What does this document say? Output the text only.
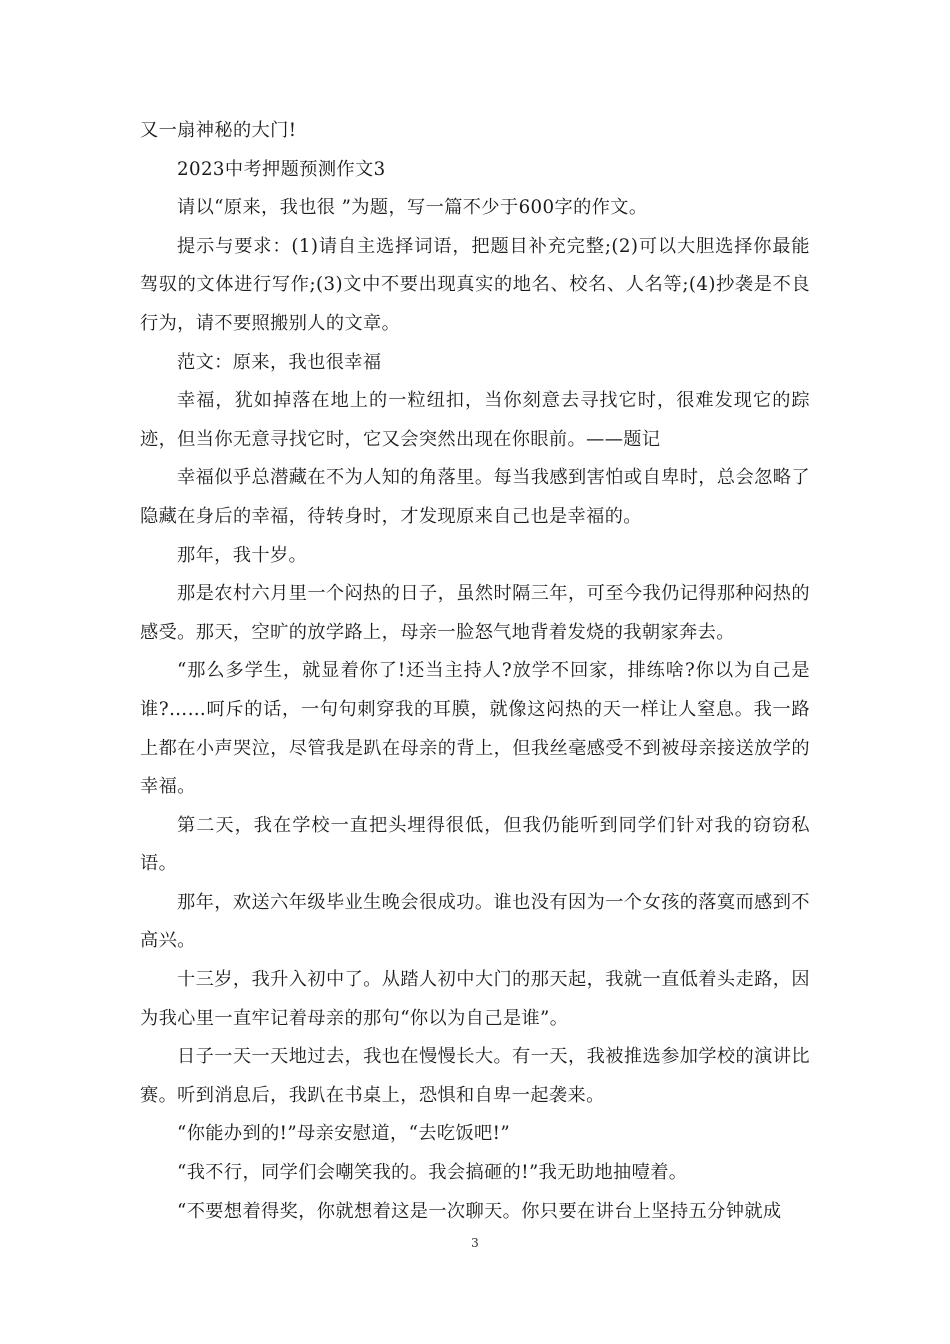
又一扇神秘的大门!

2023中考押题预测作文3

请以“原来，我也很 ”为题，写一篇不少于600字的作文。

提示与要求：(1)请自主选择词语，把题目补充完整;(2)可以大胆选择你最能驾驭的文体进行写作;(3)文中不要出现真实的地名、校名、人名等;(4)抄袭是不良行为，请不要照搬别人的文章。

范文：原来，我也很幸福

幸福，犹如掉落在地上的一粒纽扣，当你刻意去寻找它时，很难发现它的踪迹，但当你无意寻找它时，它又会突然出现在你眼前。——题记

幸福似乎总潜藏在不为人知的角落里。每当我感到害怕或自卑时，总会忽略了隐藏在身后的幸福，待转身时，才发现原来自己也是幸福的。

那年，我十岁。

那是农村六月里一个闷热的日子，虽然时隔三年，可至今我仍记得那种闷热的感受。那天，空旷的放学路上，母亲一脸怒气地背着发烧的我朝家奔去。

“那么多学生，就显着你了!还当主持人?放学不回家，排练啥?你以为自己是谁?……呵斥的话，一句句刺穿我的耳膜，就像这闷热的天一样让人窒息。我一路上都在小声哭泣，尽管我是趴在母亲的背上，但我丝毫感受不到被母亲接送放学的幸福。

第二天，我在学校一直把头埋得很低，但我仍能听到同学们针对我的窃窃私语。

那年，欢送六年级毕业生晚会很成功。谁也没有因为一个女孩的落寞而感到不高兴。

十三岁，我升入初中了。从踏人初中大门的那天起，我就一直低着头走路，因为我心里一直牢记着母亲的那句“你以为自己是谁”。

日子一天一天地过去，我也在慢慢长大。有一天，我被推选参加学校的演讲比赛。听到消息后，我趴在书桌上，恐惧和自卑一起袭来。

“你能办到的!”母亲安慰道，“去吃饭吧!”

“我不行，同学们会嘲笑我的。我会搞砸的!”我无助地抽噎着。

“不要想着得奖，你就想着这是一次聊天。你只要在讲台上坚持五分钟就成

3
